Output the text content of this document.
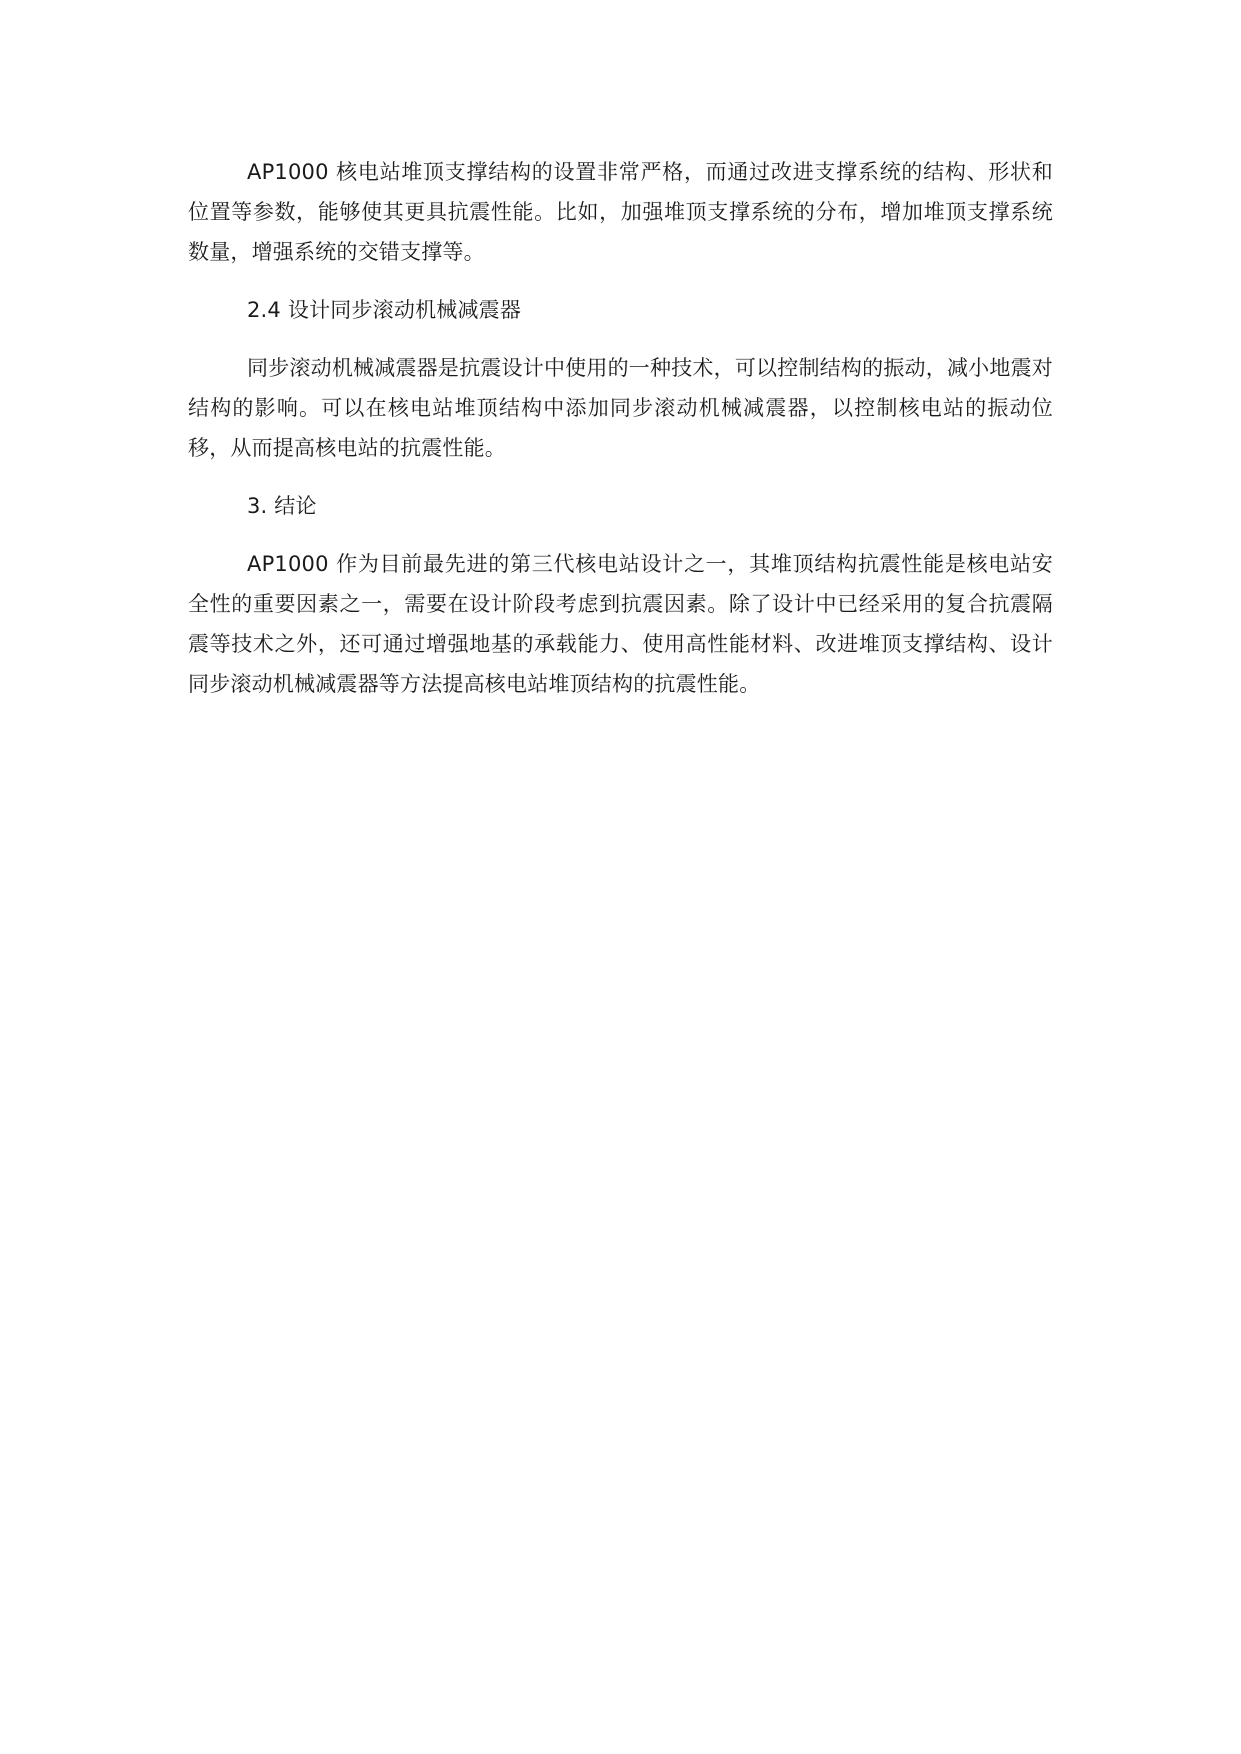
AP1000 核电站堆顶支撑结构的设置非常严格，而通过改进支撑系统的结构、形状和位置等参数，能够使其更具抗震性能。比如，加强堆顶支撑系统的分布，增加堆顶支撑系统数量，增强系统的交错支撑等。

2.4 设计同步滚动机械减震器

同步滚动机械减震器是抗震设计中使用的一种技术，可以控制结构的振动，减小地震对结构的影响。可以在核电站堆顶结构中添加同步滚动机械减震器，以控制核电站的振动位移，从而提高核电站的抗震性能。

3. 结论

AP1000 作为目前最先进的第三代核电站设计之一，其堆顶结构抗震性能是核电站安全性的重要因素之一，需要在设计阶段考虑到抗震因素。除了设计中已经采用的复合抗震隔震等技术之外，还可通过增强地基的承载能力、使用高性能材料、改进堆顶支撑结构、设计同步滚动机械减震器等方法提高核电站堆顶结构的抗震性能。
